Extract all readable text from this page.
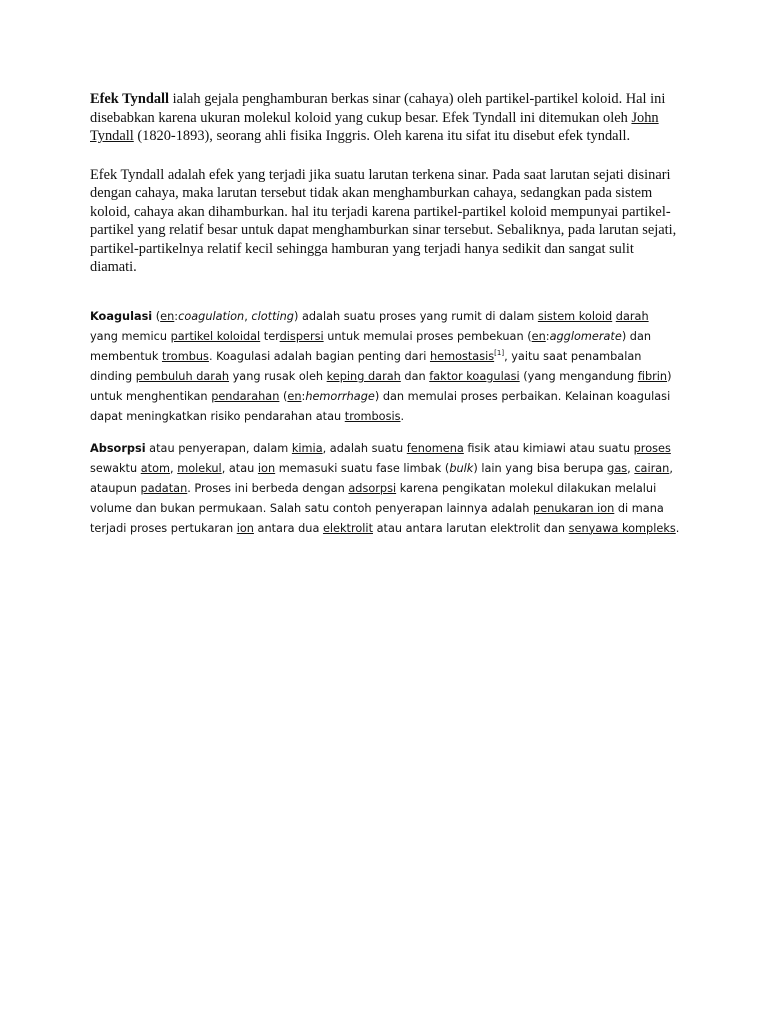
Efek Tyndall ialah gejala penghamburan berkas sinar (cahaya) oleh partikel-partikel koloid. Hal ini disebabkan karena ukuran molekul koloid yang cukup besar. Efek Tyndall ini ditemukan oleh John Tyndall (1820-1893), seorang ahli fisika Inggris. Oleh karena itu sifat itu disebut efek tyndall.

Efek Tyndall adalah efek yang terjadi jika suatu larutan terkena sinar. Pada saat larutan sejati disinari dengan cahaya, maka larutan tersebut tidak akan menghamburkan cahaya, sedangkan pada sistem koloid, cahaya akan dihamburkan. hal itu terjadi karena partikel-partikel koloid mempunyai partikel-partikel yang relatif besar untuk dapat menghamburkan sinar tersebut. Sebaliknya, pada larutan sejati, partikel-partikelnya relatif kecil sehingga hamburan yang terjadi hanya sedikit dan sangat sulit diamati.

Koagulasi (en:coagulation, clotting) adalah suatu proses yang rumit di dalam sistem koloid darah yang memicu partikel koloidal terdispersi untuk memulai proses pembekuan (en:agglomerate) dan membentuk trombus. Koagulasi adalah bagian penting dari hemostasis[1], yaitu saat penambalan dinding pembuluh darah yang rusak oleh keping darah dan faktor koagulasi (yang mengandung fibrin) untuk menghentikan pendarahan (en:hemorrhage) dan memulai proses perbaikan. Kelainan koagulasi dapat meningkatkan risiko pendarahan atau trombosis.

Absorpsi atau penyerapan, dalam kimia, adalah suatu fenomena fisik atau kimiawi atau suatu proses sewaktu atom, molekul, atau ion memasuki suatu fase limbak (bulk) lain yang bisa berupa gas, cairan, ataupun padatan. Proses ini berbeda dengan adsorpsi karena pengikatan molekul dilakukan melalui volume dan bukan permukaan. Salah satu contoh penyerapan lainnya adalah penukaran ion di mana terjadi proses pertukaran ion antara dua elektrolit atau antara larutan elektrolit dan senyawa kompleks.
